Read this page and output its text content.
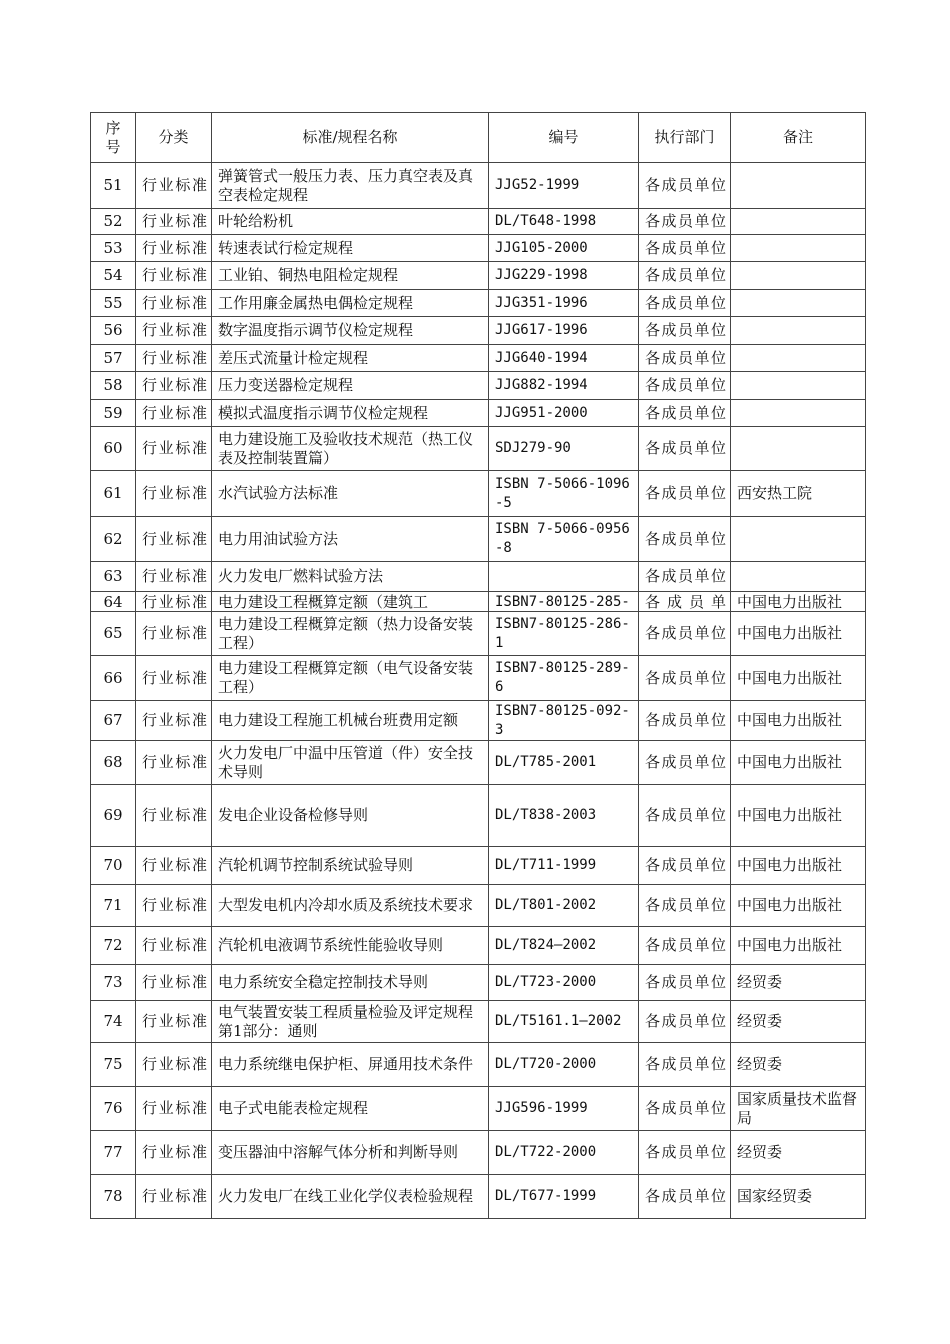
序号	分类	标准/规程名称	编号	执行部门	备注

51	行业标准	弹簧管式一般压力表、压力真空表及真空表检定规程	JJG52-1999	各成员单位	

52	行业标准	叶轮给粉机	DL/T648-1998	各成员单位	

53	行业标准	转速表试行检定规程	JJG105-2000	各成员单位	

54	行业标准	工业铂、铜热电阻检定规程	JJG229-1998	各成员单位	

55	行业标准	工作用廉金属热电偶检定规程	JJG351-1996	各成员单位	

56	行业标准	数字温度指示调节仪检定规程	JJG617-1996	各成员单位	

57	行业标准	差压式流量计检定规程	JJG640-1994	各成员单位	

58	行业标准	压力变送器检定规程	JJG882-1994	各成员单位	

59	行业标准	模拟式温度指示调节仪检定规程	JJG951-2000	各成员单位	

60	行业标准	电力建设施工及验收技术规范（热工仪表及控制装置篇）	SDJ279-90	各成员单位	

61	行业标准	水汽试验方法标准	ISBN 7-5066-1096-5	各成员单位	西安热工院

62	行业标准	电力用油试验方法	ISBN 7-5066-0956-8	各成员单位	

63	行业标准	火力发电厂燃料试验方法		各成员单位	

64	行业标准	电力建设工程概算定额（建筑工	ISBN7-80125-285-	各成员单	中国电力出版社

65	行业标准	电力建设工程概算定额（热力设备安装工程）	ISBN7-80125-286-1	各成员单位	中国电力出版社

66	行业标准	电力建设工程概算定额（电气设备安装工程）	ISBN7-80125-289-6	各成员单位	中国电力出版社

67	行业标准	电力建设工程施工机械台班费用定额	ISBN7-80125-092-3	各成员单位	中国电力出版社

68	行业标准	火力发电厂中温中压管道（件）安全技术导则	DL/T785-2001	各成员单位	中国电力出版社

69	行业标准	发电企业设备检修导则	DL/T838-2003	各成员单位	中国电力出版社

70	行业标准	汽轮机调节控制系统试验导则	DL/T711-1999	各成员单位	中国电力出版社

71	行业标准	大型发电机内冷却水质及系统技术要求	DL/T801-2002	各成员单位	中国电力出版社

72	行业标准	汽轮机电液调节系统性能验收导则	DL/T824—2002	各成员单位	中国电力出版社

73	行业标准	电力系统安全稳定控制技术导则	DL/T723-2000	各成员单位	经贸委

74	行业标准	电气装置安装工程质量检验及评定规程第1部分：通则	DL/T5161.1—2002	各成员单位	经贸委

75	行业标准	电力系统继电保护柜、屏通用技术条件	DL/T720-2000	各成员单位	经贸委

76	行业标准	电子式电能表检定规程	JJG596-1999	各成员单位	国家质量技术监督局

77	行业标准	变压器油中溶解气体分析和判断导则	DL/T722-2000	各成员单位	经贸委

78	行业标准	火力发电厂在线工业化学仪表检验规程	DL/T677-1999	各成员单位	国家经贸委
